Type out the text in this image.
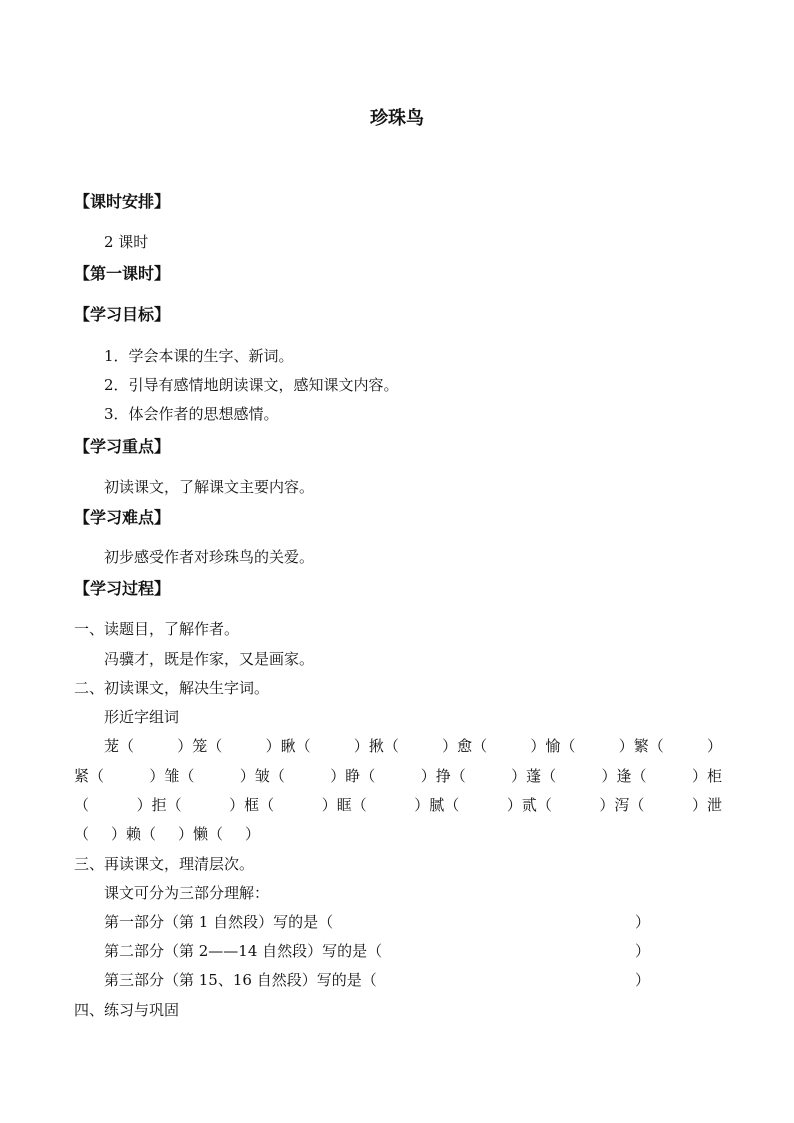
珍珠鸟
【课时安排】
2 课时
【第一课时】
【学习目标】
1．学会本课的生字、新词。
2．引导有感情地朗读课文，感知课文内容。
3．体会作者的思想感情。
【学习重点】
初读课文，了解课文主要内容。
【学习难点】
初步感受作者对珍珠鸟的关爱。
【学习过程】
一、读题目，了解作者。
冯骥才，既是作家，又是画家。
二、初读课文，解决生字词。
形近字组词
茏（	）笼（	）瞅（	）揪（	）愈（	）愉（	）繁（	）
紧（	）雏（	）皱（	）睁（	）挣（	）蓬（	）逢（	）柜
（	）拒（	）框（	）眶（	）腻（	）贰（	）泻（	）泄
（ ）赖（ ）懒（ ）
三、再读课文，理清层次。
课文可分为三部分理解：
第一部分（第 1 自然段）写的是（	）
第二部分（第 2——14 自然段）写的是（	）
第三部分（第 15、16 自然段）写的是（	）
四、练习与巩固
